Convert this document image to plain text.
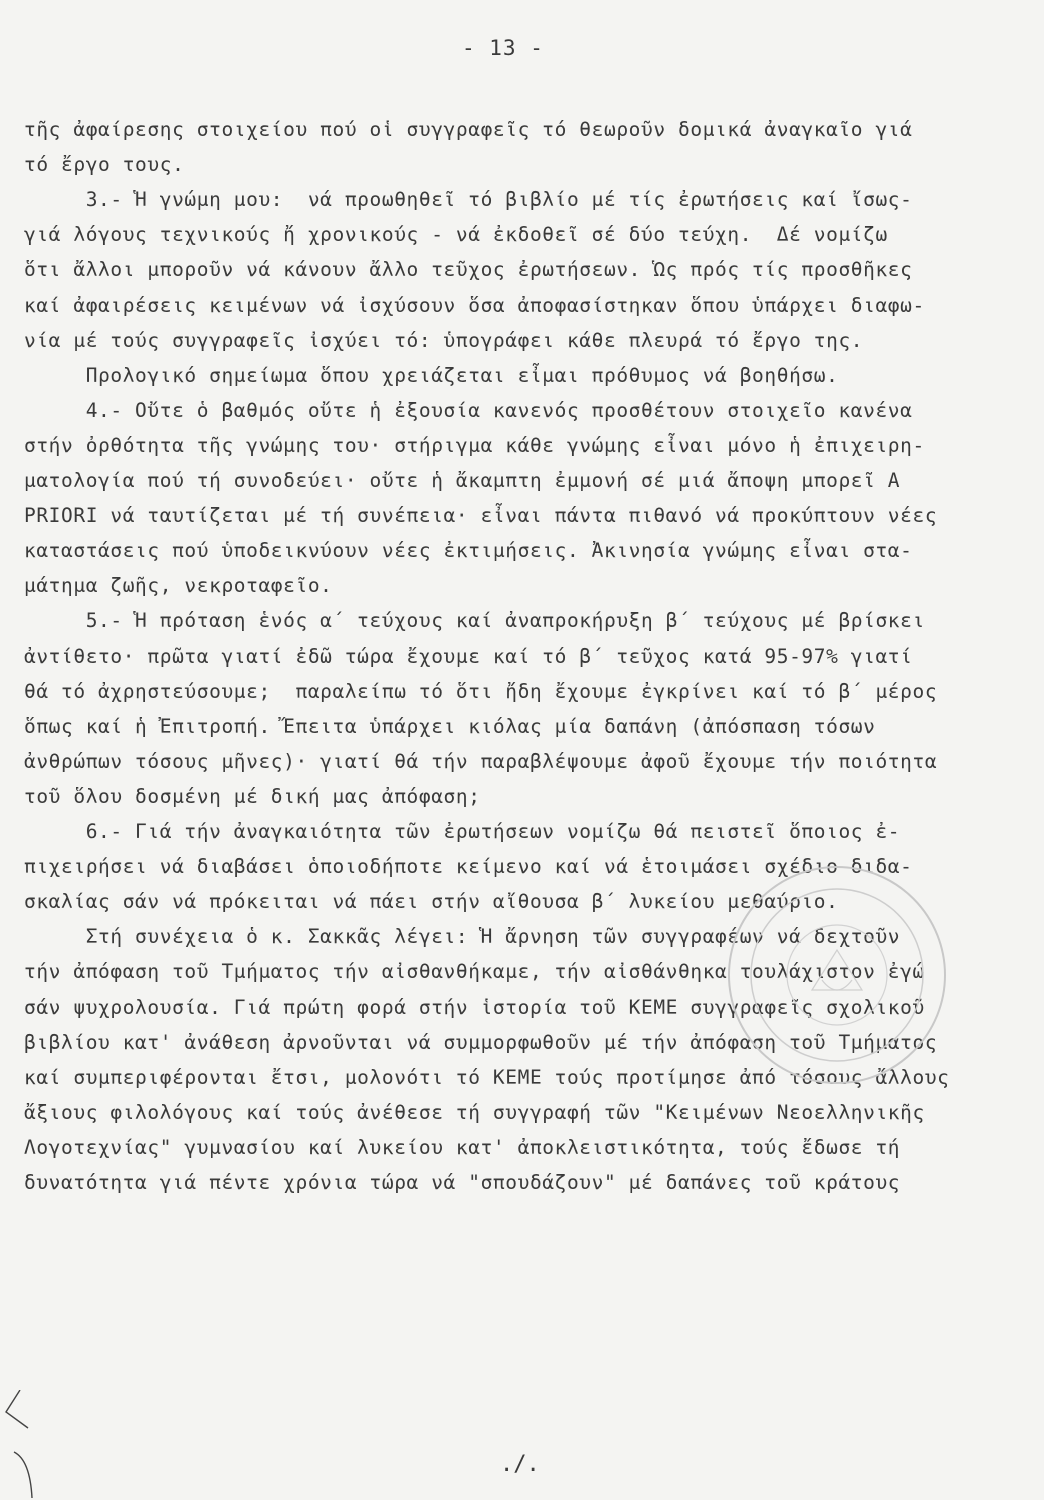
- 13 -
τῆς ἀφαίρεσης στοιχείου πού οἱ συγγραφεῖς τό θεωροῦν δομικά ἀναγκαῖο γιά
τό ἔργο τους.
3.- Ἡ γνώμη μου:  νά προωθηθεῖ τό βιβλίο μέ τίς ἐρωτήσεις καί ἴσως-
γιά λόγους τεχνικούς ἤ χρονικούς - νά ἐκδοθεῖ σέ δύο τεύχη.  Δέ νομίζω
ὅτι ἄλλοι μποροῦν νά κάνουν ἄλλο τεῦχος ἐρωτήσεων. Ὡς πρός τίς προσθῆκες
καί ἀφαιρέσεις κειμένων νά ἰσχύσουν ὅσα ἀποφασίστηκαν ὅπου ὑπάρχει διαφω-
νία μέ τούς συγγραφεῖς ἰσχύει τό: ὑπογράφει κάθε πλευρά τό ἔργο της.
Προλογικό σημείωμα ὅπου χρειάζεται εἶμαι πρόθυμος νά βοηθήσω.
4.- Οὔτε ὁ βαθμός οὔτε ἡ ἐξουσία κανενός προσθέτουν στοιχεῖο κανένα
στήν ὀρθότητα τῆς γνώμης του· στήριγμα κάθε γνώμης εἶναι μόνο ἡ ἐπιχειρη-
ματολογία πού τή συνοδεύει· οὔτε ἡ ἄκαμπτη ἐμμονή σέ μιά ἄποψη μπορεῖ A
PRIORI νά ταυτίζεται μέ τή συνέπεια· εἶναι πάντα πιθανό νά προκύπτουν νέες
καταστάσεις πού ὑποδεικνύουν νέες ἐκτιμήσεις. Ἀκινησία γνώμης εἶναι στα-
μάτημα ζωῆς, νεκροταφεῖο.
5.- Ἡ πρόταση ἑνός α΄ τεύχους καί ἀναπροκήρυξη β΄ τεύχους μέ βρίσκει
ἀντίθετο· πρῶτα γιατί ἐδῶ τώρα ἔχουμε καί τό β΄ τεῦχος κατά 95-97% γιατί
θά τό ἀχρηστεύσουμε;  παραλείπω τό ὅτι ἤδη ἔχουμε ἐγκρίνει καί τό β΄ μέρος
ὅπως καί ἡ Ἐπιτροπή. Ἔπειτα ὑπάρχει κιόλας μία δαπάνη (ἀπόσπαση τόσων
ἀνθρώπων τόσους μῆνες)· γιατί θά τήν παραβλέψουμε ἀφοῦ ἔχουμε τήν ποιότητα
τοῦ ὅλου δοσμένη μέ δική μας ἀπόφαση;
6.- Γιά τήν ἀναγκαιότητα τῶν ἐρωτήσεων νομίζω θά πειστεῖ ὅποιος ἐ-
πιχειρήσει νά διαβάσει ὁποιοδήποτε κείμενο καί νά ἑτοιμάσει σχέδιο διδα-
σκαλίας σάν νά πρόκειται νά πάει στήν αἴθουσα β΄ λυκείου μεθαύριο.
Στή συνέχεια ὁ κ. Σακκᾶς λέγει: Ἡ ἄρνηση τῶν συγγραφέων νά δεχτοῦν
τήν ἀπόφαση τοῦ Τμήματος τήν αἰσθανθήκαμε, τήν αἰσθάνθηκα τουλάχιστον ἐγώ
σάν ψυχρολουσία. Γιά πρώτη φορά στήν ἱστορία τοῦ ΚΕΜΕ συγγραφεῖς σχολικοῦ
βιβλίου κατ' ἀνάθεση ἀρνοῦνται νά συμμορφωθοῦν μέ τήν ἀπόφαση τοῦ Τμήματος
καί συμπεριφέρονται ἔτσι, μολονότι τό ΚΕΜΕ τούς προτίμησε ἀπό τόσους ἄλλους
ἄξιους φιλολόγους καί τούς ἀνέθεσε τή συγγραφή τῶν "Κειμένων Νεοελληνικῆς
Λογοτεχνίας" γυμνασίου καί λυκείου κατ' ἀποκλειστικότητα, τούς ἔδωσε τή
δυνατότητα γιά πέντε χρόνια τώρα νά "σπουδάζουν" μέ δαπάνες τοῦ κράτους
./.
